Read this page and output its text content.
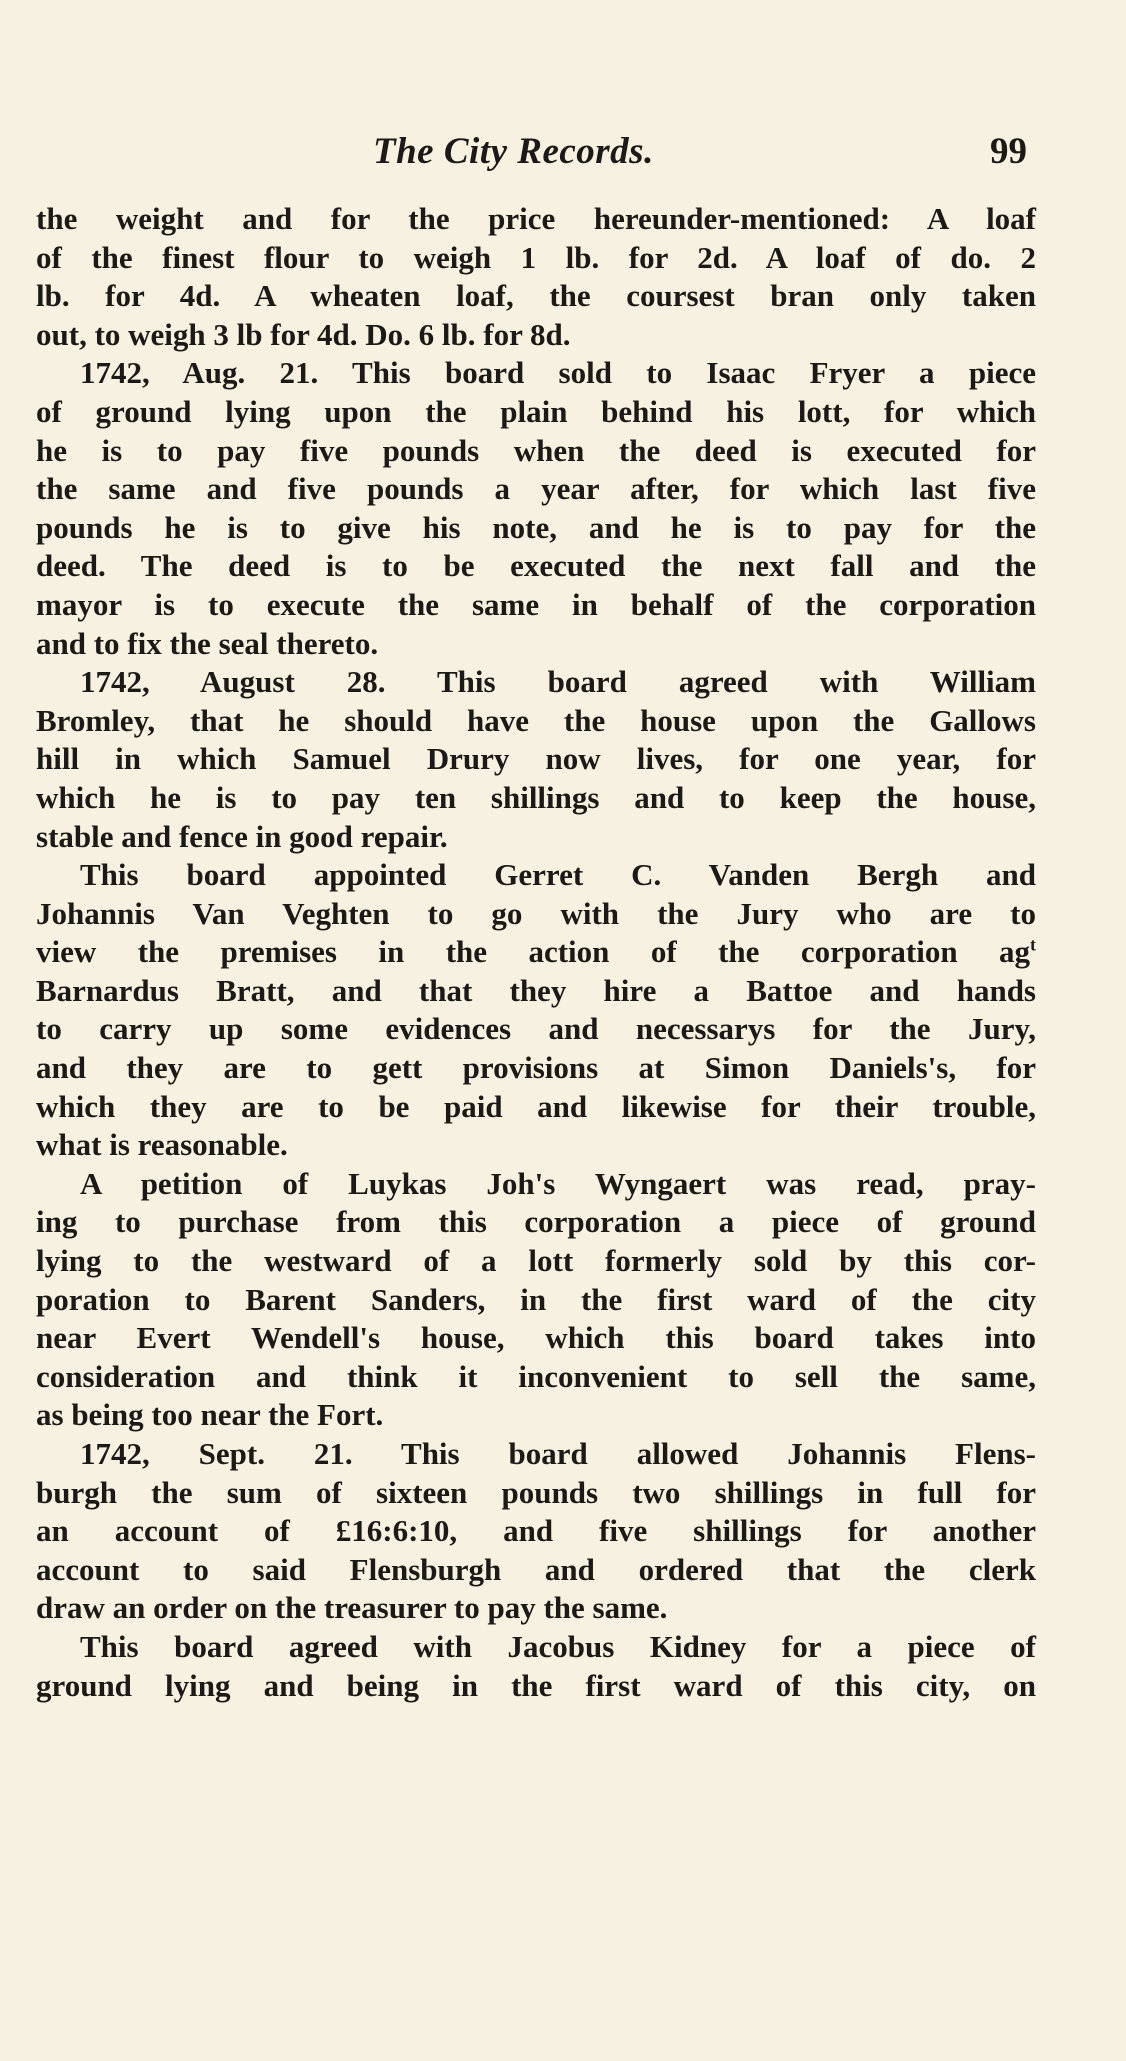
The City Records.	99
the weight and for the price hereunder-mentioned: A loaf
of the finest flour to weigh 1 lb. for 2d. A loaf of do. 2
lb. for 4d. A wheaten loaf, the coursest bran only taken
out, to weigh 3 lb for 4d. Do. 6 lb. for 8d.
1742, Aug. 21. This board sold to Isaac Fryer a piece
of ground lying upon the plain behind his lott, for which
he is to pay five pounds when the deed is executed for
the same and five pounds a year after, for which last five
pounds he is to give his note, and he is to pay for the
deed. The deed is to be executed the next fall and the
mayor is to execute the same in behalf of the corporation
and to fix the seal thereto.
1742, August 28. This board agreed with William
Bromley, that he should have the house upon the Gallows
hill in which Samuel Drury now lives, for one year, for
which he is to pay ten shillings and to keep the house,
stable and fence in good repair.
This board appointed Gerret C. Vanden Bergh and
Johannis Van Veghten to go with the Jury who are to
view the premises in the action of the corporation $ag^t$
Barnardus Bratt, and that they hire a Battoe and hands
to carry up some evidences and necessarys for the Jury,
and they are to gett provisions at Simon Daniels's, for
which they are to be paid and likewise for their trouble,
what is reasonable.
A petition of Luykas Joh's Wyngaert was read, pray-
ing to purchase from this corporation a piece of ground
lying to the westward of a lott formerly sold by this cor-
poration to Barent Sanders, in the first ward of the city
near Evert Wendell's house, which this board takes into
consideration and think it inconvenient to sell the same,
as being too near the Fort.
1742, Sept. 21. This board allowed Johannis Flens-
burgh the sum of sixteen pounds two shillings in full for
an account of £16:6:10, and five shillings for another
account to said Flensburgh and ordered that the clerk
draw an order on the treasurer to pay the same.
This board agreed with Jacobus Kidney for a piece of
ground lying and being in the first ward of this city, on
